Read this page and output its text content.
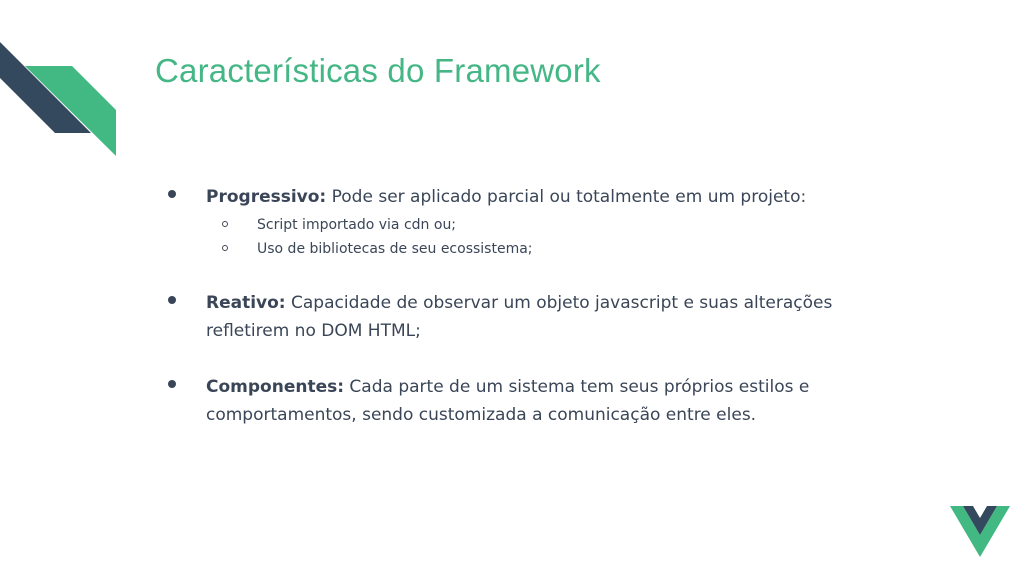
Características do Framework
Progressivo: Pode ser aplicado parcial ou totalmente em um projeto:
Script importado via cdn ou;
Uso de bibliotecas de seu ecossistema;
Reativo: Capacidade de observar um objeto javascript e suas alterações refletirem no DOM HTML;
Componentes: Cada parte de um sistema tem seus próprios estilos e comportamentos, sendo customizada a comunicação entre eles.
